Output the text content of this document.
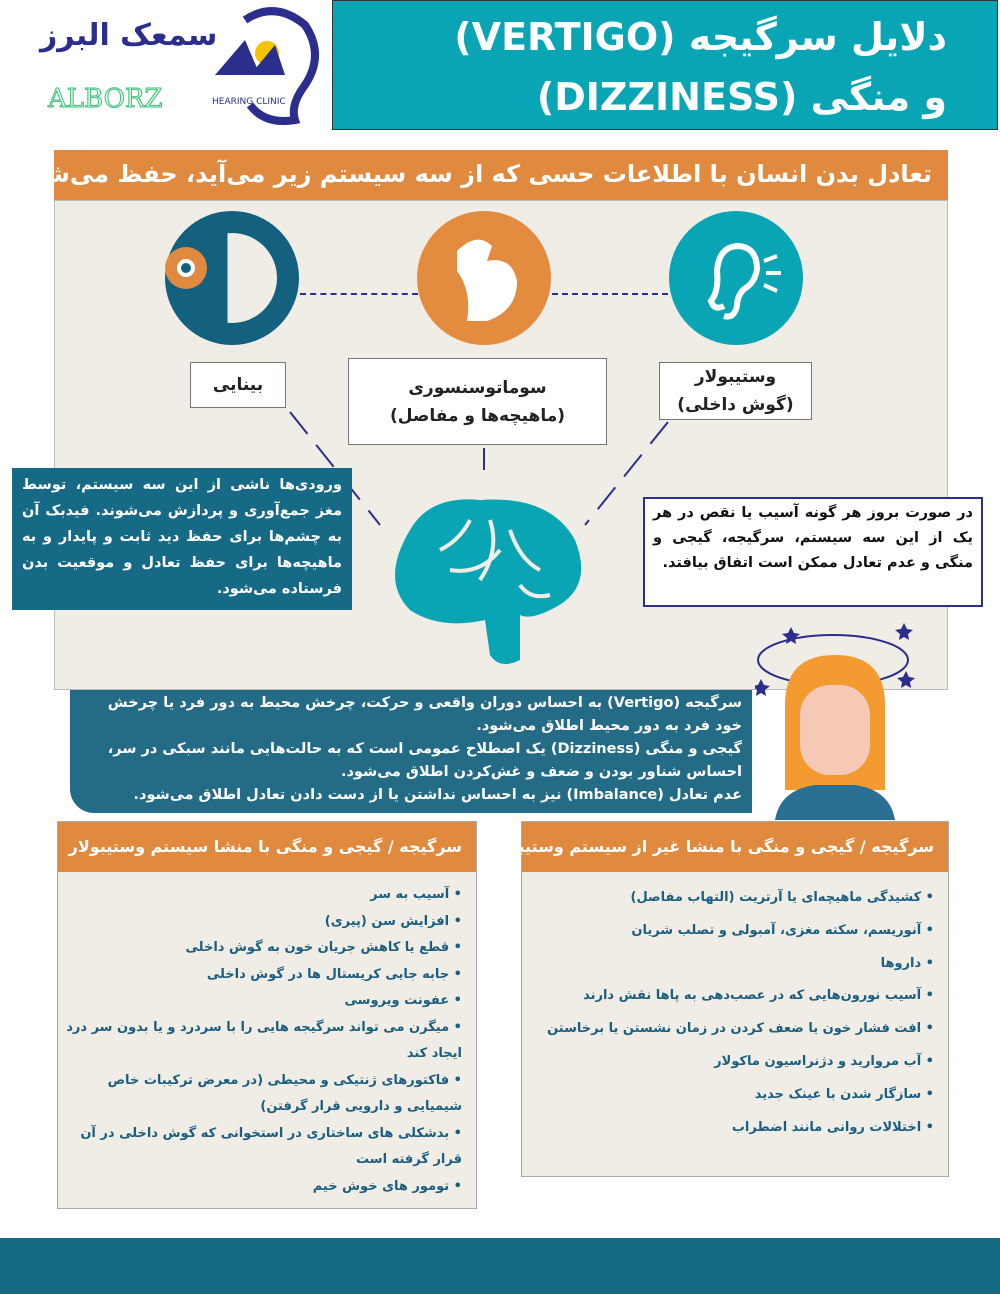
سمعک البرز
ALBORZ	HEARING CLINIC
دلایل سرگیجه (VERTIGO)
و منگی (DIZZINESS)
تعادل بدن انسان با اطلاعات حسی که از سه سیستم زیر می‌آید، حفظ می‌شود:
بینایی	سوماتوسنسوری
(ماهیچه‌ها و مفاصل)
وستیبولار
(گوش داخلی)
ورودی‌ها ناشی از این سه سیستم، توسط مغز جمع‌آوری و پردازش می‌شوند. فیدبک آن به چشم‌ها برای حفظ دید ثابت و پایدار و به ماهیچه‌ها برای حفظ تعادل و موقعیت بدن فرستاده می‌شود.
در صورت بروز هر گونه آسیب یا نقص در هر یک از این سه سیستم، سرگیجه، گیجی و منگی و عدم تعادل ممکن است اتفاق بیافتد.

سرگیجه (Vertigo) به احساس دوران واقعی و حرکت، چرخش محیط به دور فرد یا چرخش خود فرد به دور محیط اطلاق می‌شود.

گیجی و منگی (Dizziness) یک اصطلاح عمومی است که به حالت‌هایی مانند سبکی در سر، احساس شناور بودن و ضعف و غش‌کردن اطلاق می‌شود.

عدم تعادل (Imbalance) نیز به احساس نداشتن یا از دست دادن تعادل اطلاق می‌شود.

سرگیجه / گیجی و منگی با منشا سیستم وستیبولار
• آسیب به سر
• افزایش سن (پیری)
• قطع یا کاهش جریان خون به گوش داخلی
• جابه جایی کریستال ها در گوش داخلی
• عفونت ویروسی
• میگرن می تواند سرگیجه هایی را با سردرد و یا بدون سر درد ایجاد کند
• فاکتورهای ژنتیکی و محیطی (در معرض ترکیبات خاص شیمیایی و دارویی قرار گرفتن)
• بدشکلی های ساختاری در استخوانی که گوش داخلی در آن قرار گرفته است
• تومور های خوش خیم
سرگیجه / گیجی و منگی با منشا غیر از سیستم وستیبولار
• کشیدگی ماهیچه‌ای یا آرتریت (التهاب مفاصل)
• آنوریسم، سکته مغزی، آمبولی و تصلب شریان
• داروها
• آسیب نورون‌هایی که در عصب‌دهی به پاها نقش دارند
• افت فشار خون یا ضعف کردن در زمان نشستن یا برخاستن
• آب مروارید و دژنراسیون ماکولار
• سازگار شدن با عینک جدید
• اختلالات روانی مانند اضطراب
